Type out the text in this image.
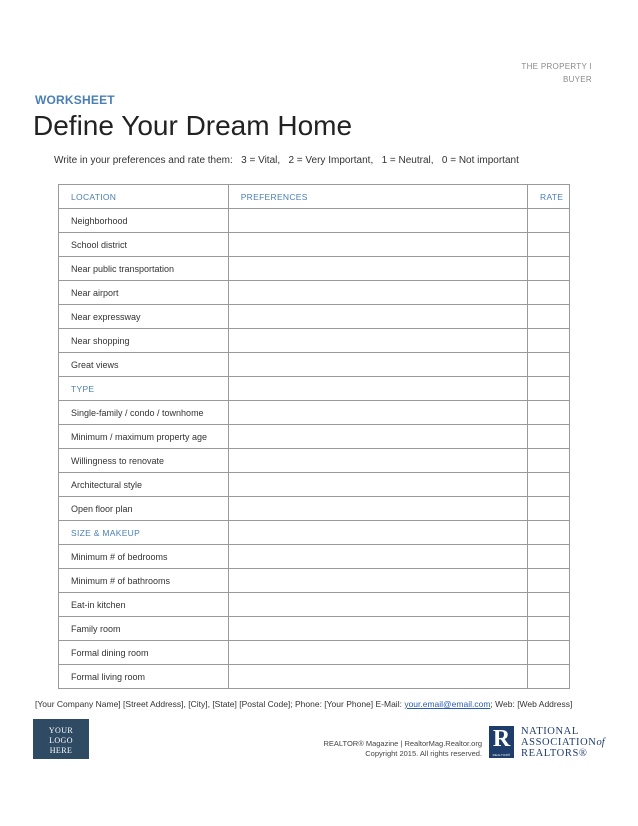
THE PROPERTY I
BUYER
WORKSHEET
Define Your Dream Home
Write in your preferences and rate them:   3 = Vital,   2 = Very Important,   1 = Neutral,   0 = Not important
LOCATION	PREFERENCES	RATE
Neighborhood		
School district		
Near public transportation		
Near airport		
Near expressway		
Near shopping		
Great views		
TYPE		
Single-family / condo / townhome		
Minimum / maximum property age		
Willingness to renovate		
Architectural style		
Open floor plan		
SIZE & MAKEUP		
Minimum # of bedrooms		
Minimum # of bathrooms		
Eat-in kitchen		
Family room		
Formal dining room		
Formal living room		
[Your Company Name] [Street Address], [City], [State] [Postal Code]; Phone: [Your Phone] E-Mail: your.email@email.com; Web: [Web Address]
YOUR
LOGO
HERE
REALTOR® Magazine | RealtorMag.Realtor.org
Copyright 2015. All rights reserved.
R
REALTOR®
NATIONAL
ASSOCIATIONof
REALTORS®
